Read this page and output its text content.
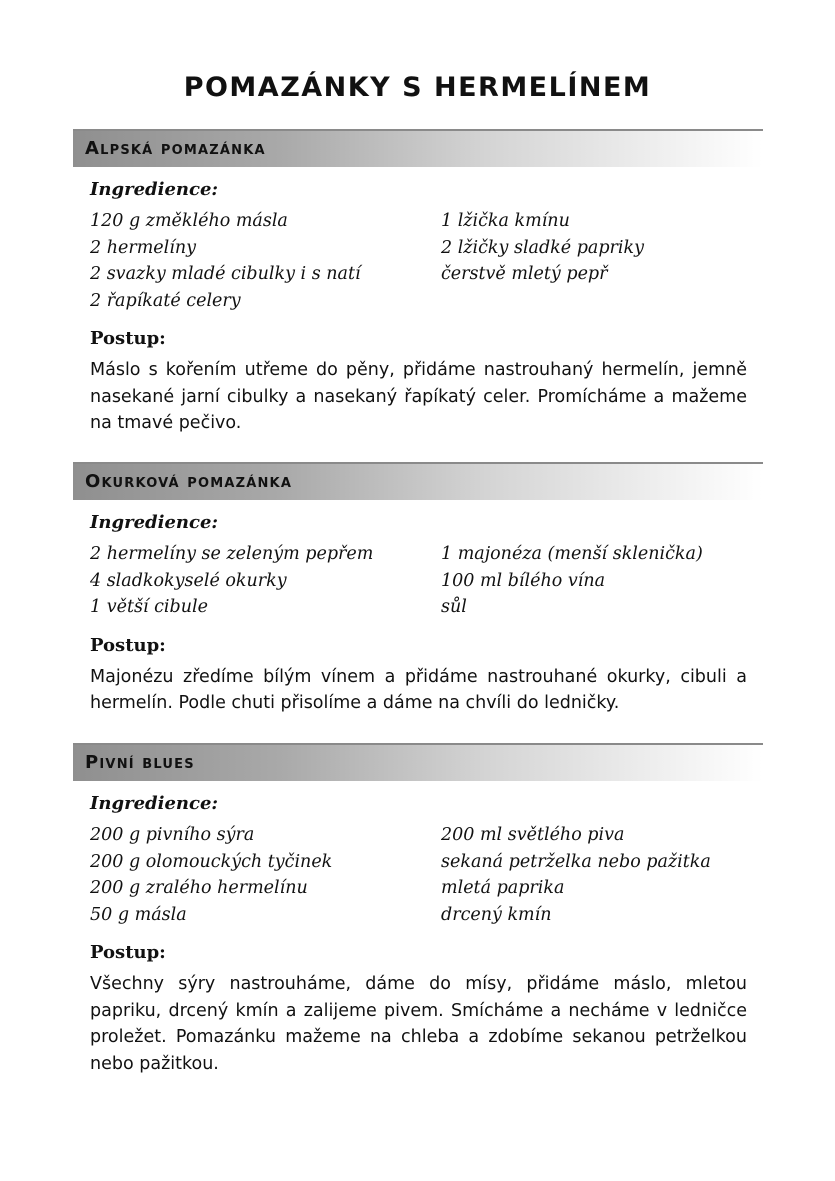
POMAZÁNKY S HERMELÍNEM
Alpská pomazánka
Ingredience:
120 g změklého másla
2 hermelíny
2 svazky mladé cibulky i s natí
2 řapíkaté celery
1 lžička kmínu
2 lžičky sladké papriky
čerstvě mletý pepř
Postup:
Máslo s kořením utřeme do pěny, přidáme nastrouhaný hermelín, jemně nasekané jarní cibulky a nasekaný řapíkatý celer. Promícháme a mažeme na tmavé pečivo.
Okurková pomazánka
Ingredience:
2 hermelíny se zeleným pepřem
4 sladkokyselé okurky
1 větší cibule
1 majonéza (menší sklenička)
100 ml bílého vína
sůl
Postup:
Majonézu zředíme bílým vínem a přidáme nastrouhané okurky, cibuli a hermelín. Podle chuti přisolíme a dáme na chvíli do ledničky.
Pivní blues
Ingredience:
200 g pivního sýra
200 g olomouckých tyčinek
200 g zralého hermelínu
50 g másla
200 ml světlého piva
sekaná petrželka nebo pažitka
mletá paprika
drcený kmín
Postup:
Všechny sýry nastrouháme, dáme do mísy, přidáme máslo, mletou papriku, drcený kmín a zalijeme pivem. Smícháme a necháme v ledničce proležet. Pomazánku mažeme na chleba a zdobíme sekanou petrželkou nebo pažitkou.
